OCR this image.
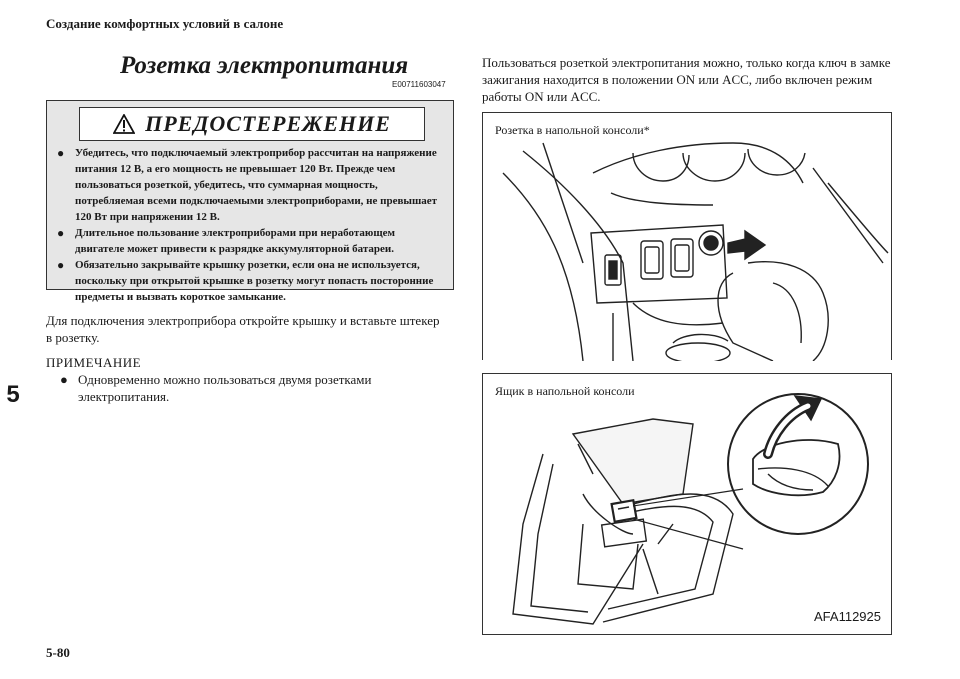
Создание комфортных условий в салоне
5
Розетка электропитания
E00711603047
ПРЕДОСТЕРЕЖЕНИЕ
● Убедитесь, что подключаемый электроприбор рассчитан на напряжение питания 12 В, а его мощность не превышает 120 Вт. Прежде чем пользоваться розеткой, убедитесь, что суммарная мощность, потребляемая всеми подключаемыми электроприборами, не превышает 120 Вт при напряжении 12 В.
● Длительное пользование электроприборами при неработающем двигателе может привести к разрядке аккумуляторной батареи.
● Обязательно закрывайте крышку розетки, если она не используется, поскольку при открытой крышке в розетку могут попасть посторонние предметы и вызвать короткое замыкание.
Для подключения электроприбора откройте крышку и вставьте штекер в розетку.
ПРИМЕЧАНИЕ
● Одновременно можно пользоваться двумя розетками электропитания.
Пользоваться розеткой электропитания можно, только когда ключ в замке зажигания находится в положении ON или ACC, либо включен режим работы ON или ACC.
Розетка в напольной консоли*
Ящик в напольной консоли
AFA112925
5-80
